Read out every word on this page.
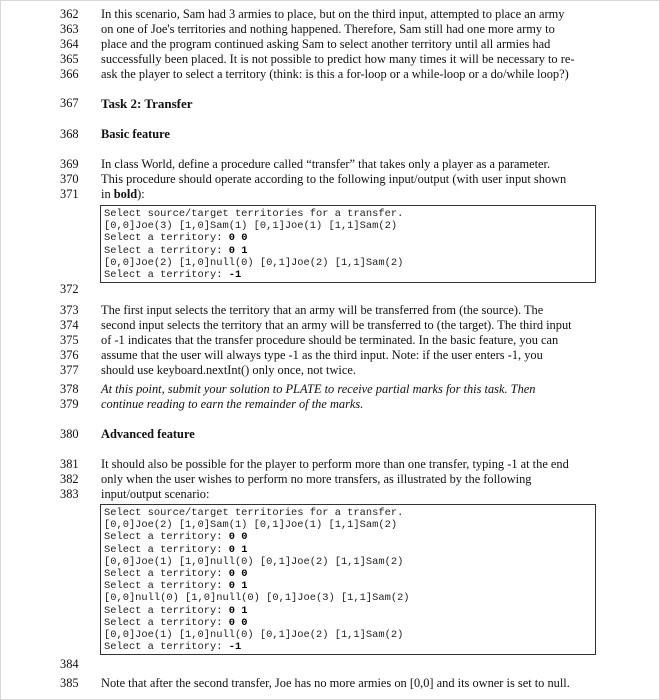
362 In this scenario, Sam had 3 armies to place, but on the third input, attempted to place an army
363 on one of Joe's territories and nothing happened. Therefore, Sam still had one more army to
364 place and the program continued asking Sam to select another territory until all armies had
365 successfully been placed. It is not possible to predict how many times it will be necessary to re-
366 ask the player to select a territory (think: is this a for-loop or a while-loop or a do/while loop?)
367 Task 2: Transfer
368 Basic feature
369 In class World, define a procedure called “transfer” that takes only a player as a parameter.
370 This procedure should operate according to the following input/output (with user input shown
371 in bold):
Select source/target territories for a transfer.
[0,0]Joe(3) [1,0]Sam(1) [0,1]Joe(1) [1,1]Sam(2)
Select a territory: 0 0
Select a territory: 0 1
[0,0]Joe(2) [1,0]null(0) [0,1]Joe(2) [1,1]Sam(2)
Select a territory: -1
372
373 The first input selects the territory that an army will be transferred from (the source). The
374 second input selects the territory that an army will be transferred to (the target). The third input
375 of -1 indicates that the transfer procedure should be terminated. In the basic feature, you can
376 assume that the user will always type -1 as the third input. Note: if the user enters -1, you
377 should use keyboard.nextInt() only once, not twice.
378 At this point, submit your solution to PLATE to receive partial marks for this task. Then
379 continue reading to earn the remainder of the marks.
380 Advanced feature
381 It should also be possible for the player to perform more than one transfer, typing -1 at the end
382 only when the user wishes to perform no more transfers, as illustrated by the following
383 input/output scenario:
Select source/target territories for a transfer.
[0,0]Joe(2) [1,0]Sam(1) [0,1]Joe(1) [1,1]Sam(2)
Select a territory: 0 0
Select a territory: 0 1
[0,0]Joe(1) [1,0]null(0) [0,1]Joe(2) [1,1]Sam(2)
Select a territory: 0 0
Select a territory: 0 1
[0,0]null(0) [1,0]null(0) [0,1]Joe(3) [1,1]Sam(2)
Select a territory: 0 1
Select a territory: 0 0
[0,0]Joe(1) [1,0]null(0) [0,1]Joe(2) [1,1]Sam(2)
Select a territory: -1
384
385 Note that after the second transfer, Joe has no more armies on [0,0] and its owner is set to null.
